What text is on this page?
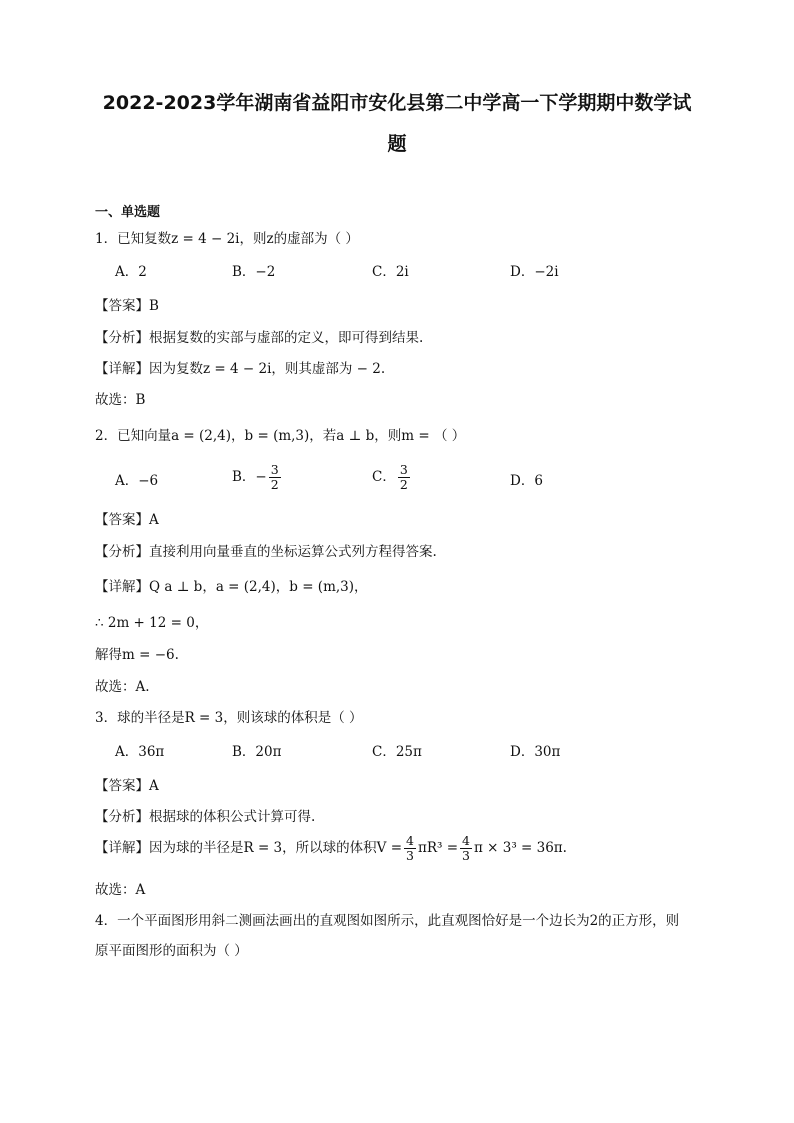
2022-2023学年湖南省益阳市安化县第二中学高一下学期期中数学试
题
一、单选题
1．已知复数z = 4 − 2i，则z的虚部为（ ）
A．2	B．−2	C．2i	D．−2i
【答案】B
【分析】根据复数的实部与虚部的定义，即可得到结果.
【详解】因为复数z = 4 − 2i，则其虚部为 − 2.
故选：B
2．已知向量a = (2,4)，b = (m,3)，若a ⊥ b，则m = （ ）
A．−6	B．− $\frac{3}{2}$	C． $\frac{3}{2}$	D．6
【答案】A
【分析】直接利用向量垂直的坐标运算公式列方程得答案.
【详解】Q a ⊥ b，a = (2,4)，b = (m,3)，
∴ 2m + 12 = 0，
解得m = −6.
故选：A.
3．球的半径是R = 3，则该球的体积是（ ）
A．36π	B．20π	C．25π	D．30π
【答案】A
【分析】根据球的体积公式计算可得.
【详解】因为球的半径是R = 3，所以球的体积$V = \frac{4}{3} \pi R^3 = \frac{4}{3}$ π × 3³ = 36π.
故选：A
4．一个平面图形用斜二测画法画出的直观图如图所示，此直观图恰好是一个边长为2的正方形，则
原平面图形的面积为（ ）
